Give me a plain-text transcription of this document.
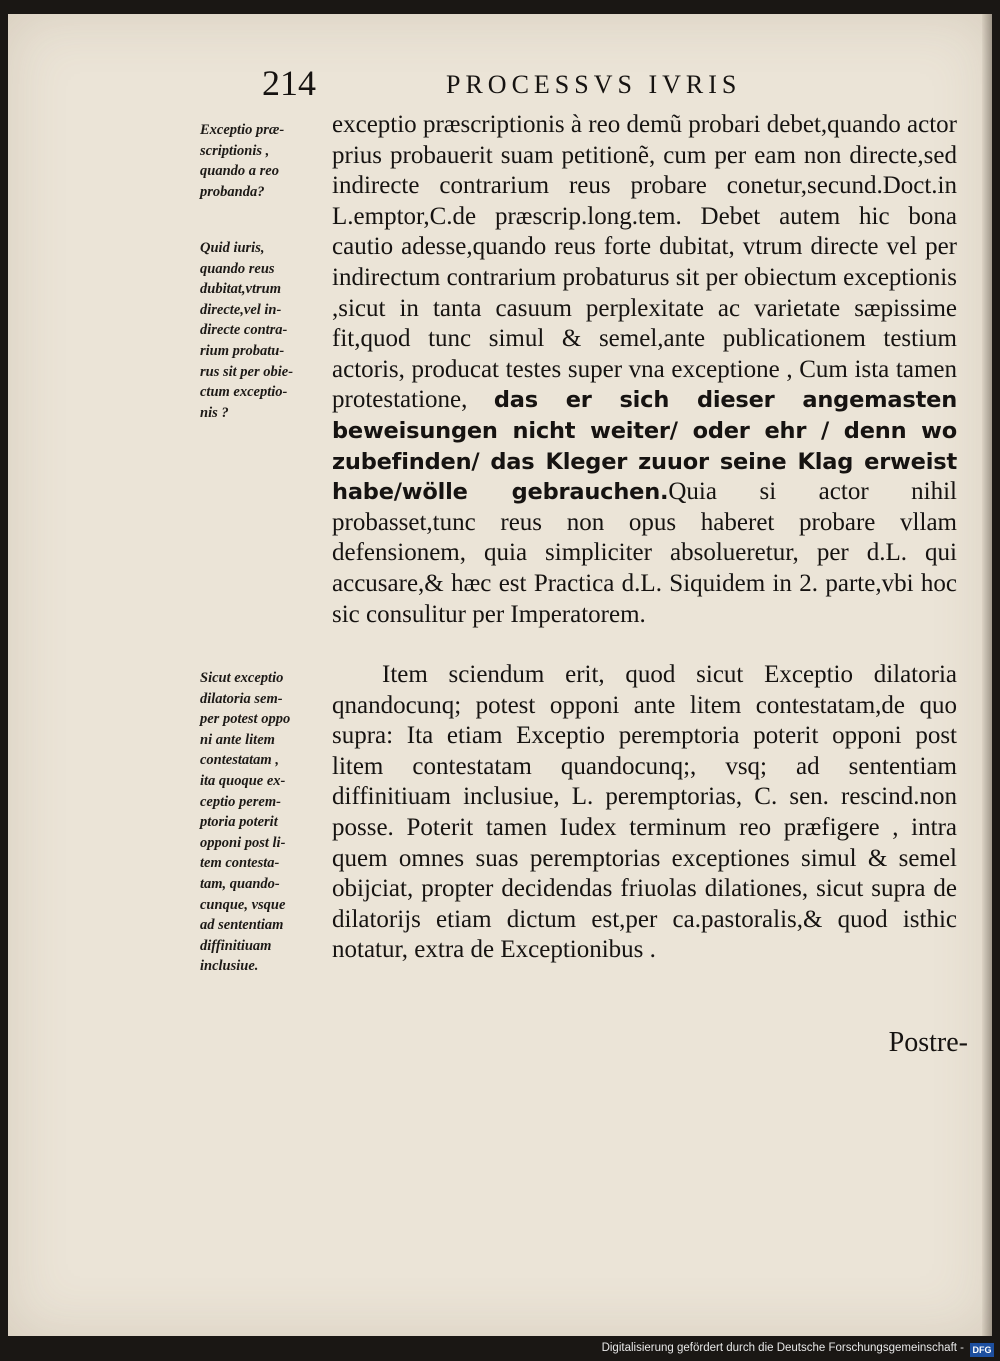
214	PROCESSVS IVRIS
Exceptio præ-
scriptionis ,
quando a reo
probanda?
Quid iuris,
quando reus
dubitat,vtrum
directe,vel in-
directe contra-
rium probatu-
rus sit per obie-
ctum exceptio-
nis ?
Sicut exceptio
dilatoria sem-
per potest oppo
ni ante litem
contestatam ,
ita quoque ex-
ceptio perem-
ptoria poterit
opponi post li-
tem contesta-
tam, quando-
cunque, vsque
ad sententiam
diffinitiuam
inclusiue.

exceptio præscriptionis à reo demũ probari debet,quando actor prius probauerit suam petitionẽ, cum per eam non directe,sed indirecte contrarium reus probare conetur,secund.Doct.in L.emptor,C.de præscrip.long.tem. Debet autem hic bona cautio adesse,quando reus forte dubitat, vtrum directe vel per indirectum contrarium probaturus sit per obiectum exceptionis ,sicut in tanta casuum perplexitate ac varietate sæpissime fit,quod tunc simul & semel,ante publicationem testium actoris, producat testes super vna exceptione , Cum ista tamen protestatione, das er sich dieser angemasten beweisungen nicht weiter/ oder ehr / denn wo zubefinden/ das Kleger zuuor seine Klag erweist habe/wölle gebrauchen.Quia si actor nihil probasset,tunc reus non opus haberet probare vllam defensionem, quia simpliciter absolueretur, per d.L. qui accusare,& hæc est Practica d.L. Siquidem in 2. parte,vbi hoc sic consulitur per Imperatorem.

Item sciendum erit, quod sicut Exceptio dilatoria qnandocunq; potest opponi ante litem contestatam,de quo supra: Ita etiam Exceptio peremptoria poterit opponi post litem contestatam quandocunq;, vsq; ad sententiam diffinitiuam inclusiue, L. peremptorias, C. sen. rescind.non posse. Poterit tamen Iudex terminum reo præfigere , intra quem omnes suas peremptorias exceptiones simul & semel obijciat, propter decidendas friuolas dilationes, sicut supra de dilatorijs etiam dictum est,per ca.pastoralis,& quod isthic notatur, extra de Exceptionibus .

Postre-
Digitalisierung gefördert durch die Deutsche Forschungsgemeinschaft - DFG
